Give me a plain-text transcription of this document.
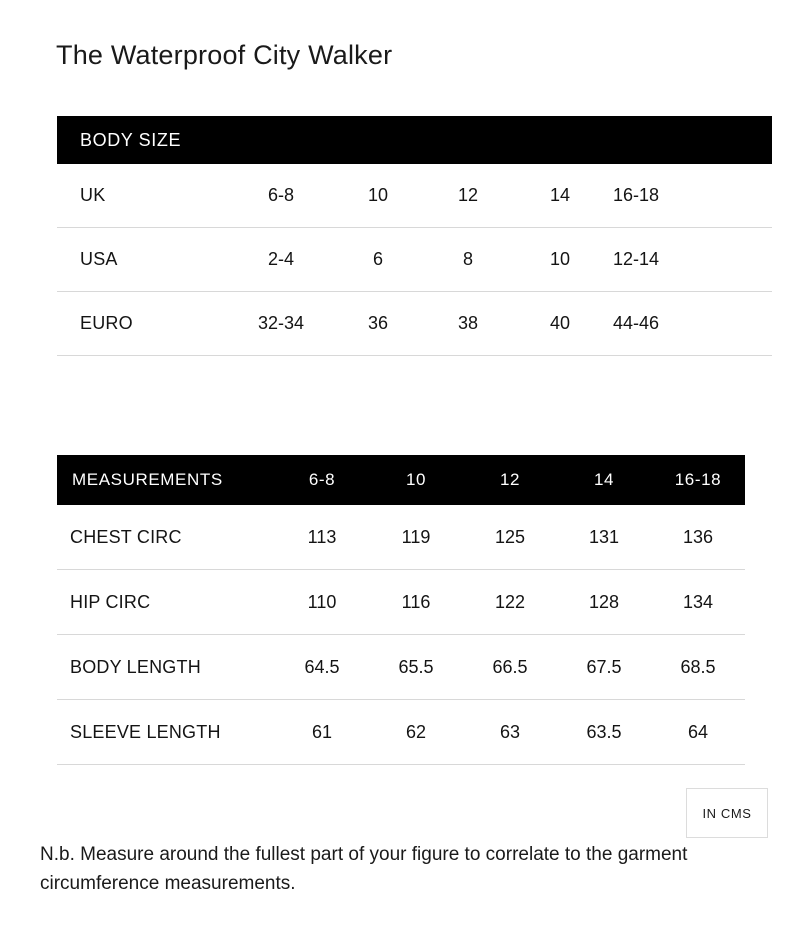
The Waterproof City Walker
BODY SIZE
UK	6-8	10	12	14	16-18
USA	2-4	6	8	10	12-14
EURO	32-34	36	38	40	44-46
MEASUREMENTS	6-8	10	12	14	16-18
CHEST CIRC	113	119	125	131	136
HIP CIRC	110	116	122	128	134
BODY LENGTH	64.5	65.5	66.5	67.5	68.5
SLEEVE LENGTH	61	62	63	63.5	64
IN CMS
N.b. Measure around the fullest part of your figure to correlate to the garment circumference measurements.
